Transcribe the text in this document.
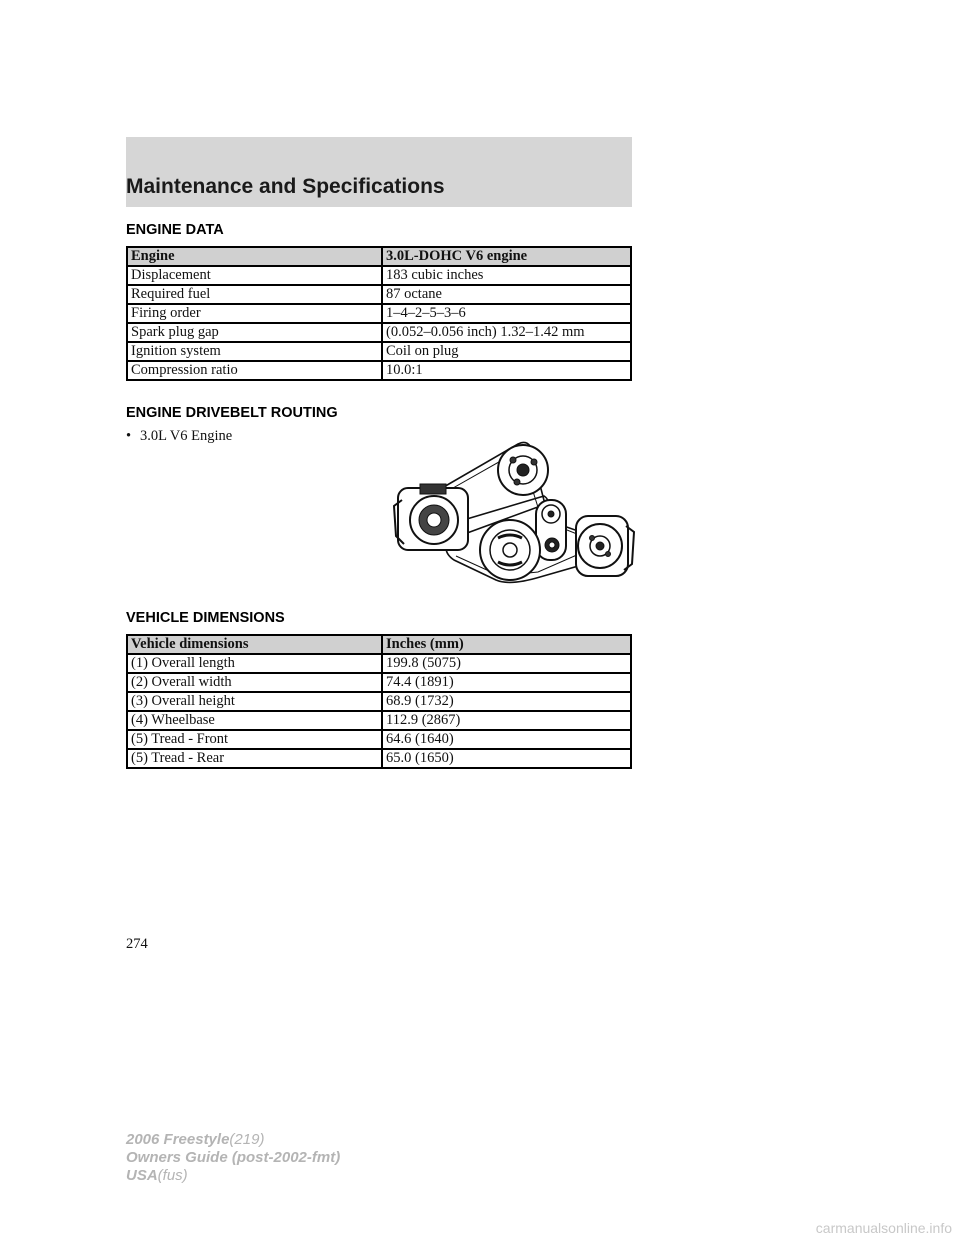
Maintenance and Specifications
ENGINE DATA
Engine	3.0L-DOHC V6 engine
Displacement	183 cubic inches
Required fuel	87 octane
Firing order	1–4–2–5–3–6
Spark plug gap	(0.052–0.056 inch) 1.32–1.42 mm
Ignition system	Coil on plug
Compression ratio	10.0:1
ENGINE DRIVEBELT ROUTING
• 3.0L V6 Engine
VEHICLE DIMENSIONS
Vehicle dimensions	Inches (mm)
(1) Overall length	199.8 (5075)
(2) Overall width	74.4 (1891)
(3) Overall height	68.9 (1732)
(4) Wheelbase	112.9 (2867)
(5) Tread - Front	64.6 (1640)
(5) Tread - Rear	65.0 (1650)
274
2006 Freestyle(219)
Owners Guide (post-2002-fmt)
USA(fus)
carmanualsonline.info
